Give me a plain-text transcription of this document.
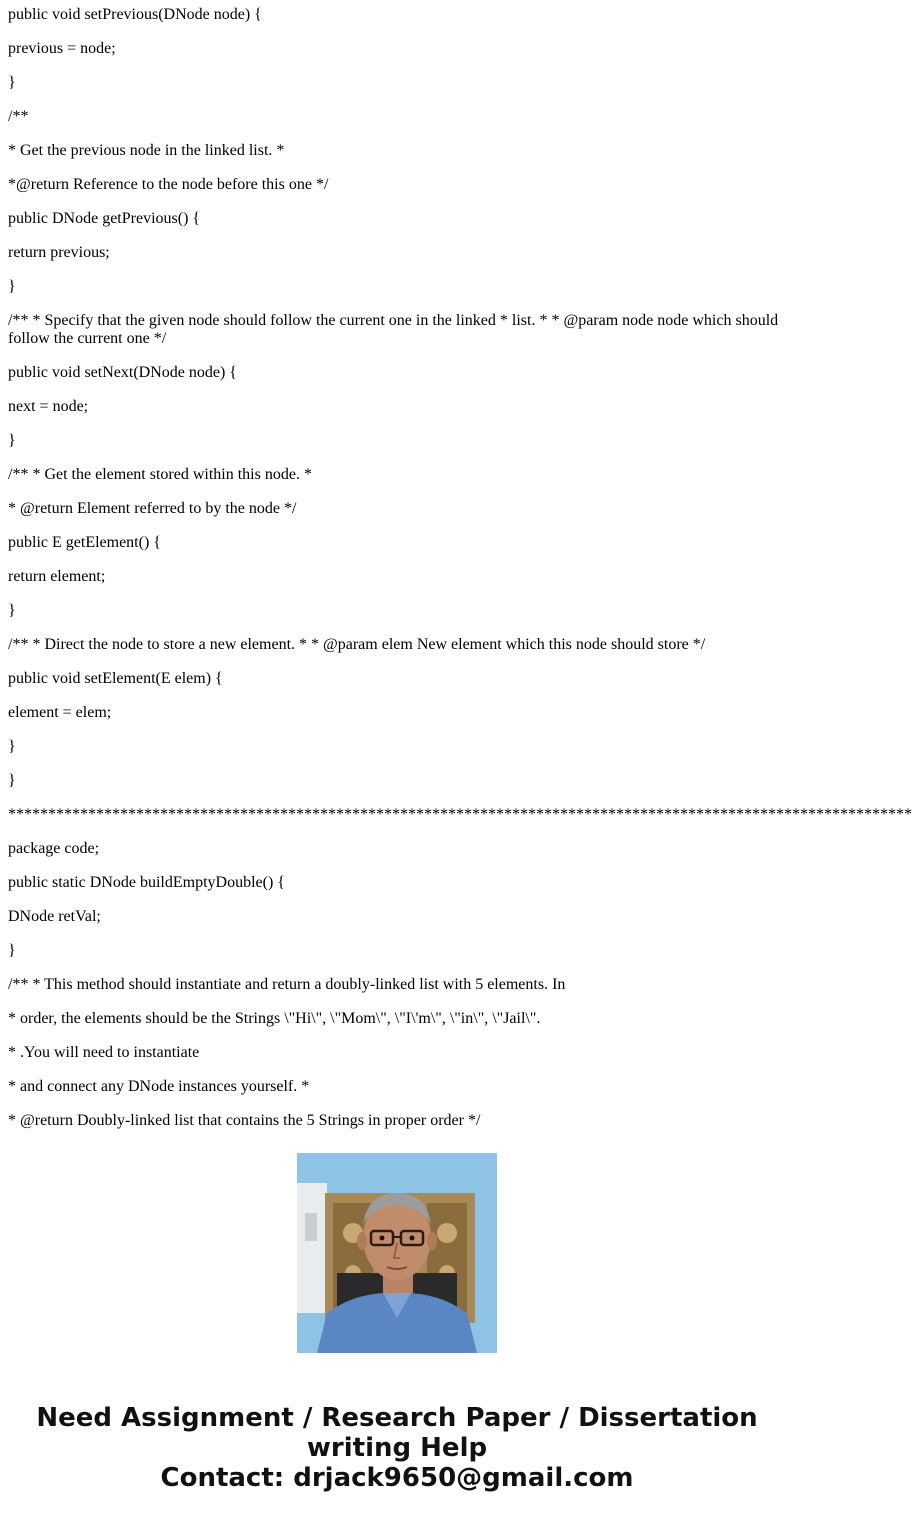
public void setPrevious(DNode node) {

previous = node;

}

/**

* Get the previous node in the linked list. *

*@return Reference to the node before this one */

public DNode getPrevious() {

return previous;

}

/** * Specify that the given node should follow the current one in the linked * list. * * @param node node which should follow the current one */

public void setNext(DNode node) {

next = node;

}

/** * Get the element stored within this node. *

* @return Element referred to by the node */

public E getElement() {

return element;

}

/** * Direct the node to store a new element. * * @param elem New element which this node should store */

public void setElement(E elem) {

element = elem;

}

}

*****************************************************************************************************************

package code;

public static DNode buildEmptyDouble() {

DNode retVal;

}

/** * This method should instantiate and return a doubly-linked list with 5 elements. In

* order, the elements should be the Strings \"Hi\", \"Mom\", \"I\'m\", \"in\", \"Jail\".

* .You will need to instantiate

* and connect any DNode instances yourself. *

* @return Doubly-linked list that contains the 5 Strings in proper order */

Need Assignment / Research Paper / Dissertation
writing Help
Contact: drjack9650@gmail.com
